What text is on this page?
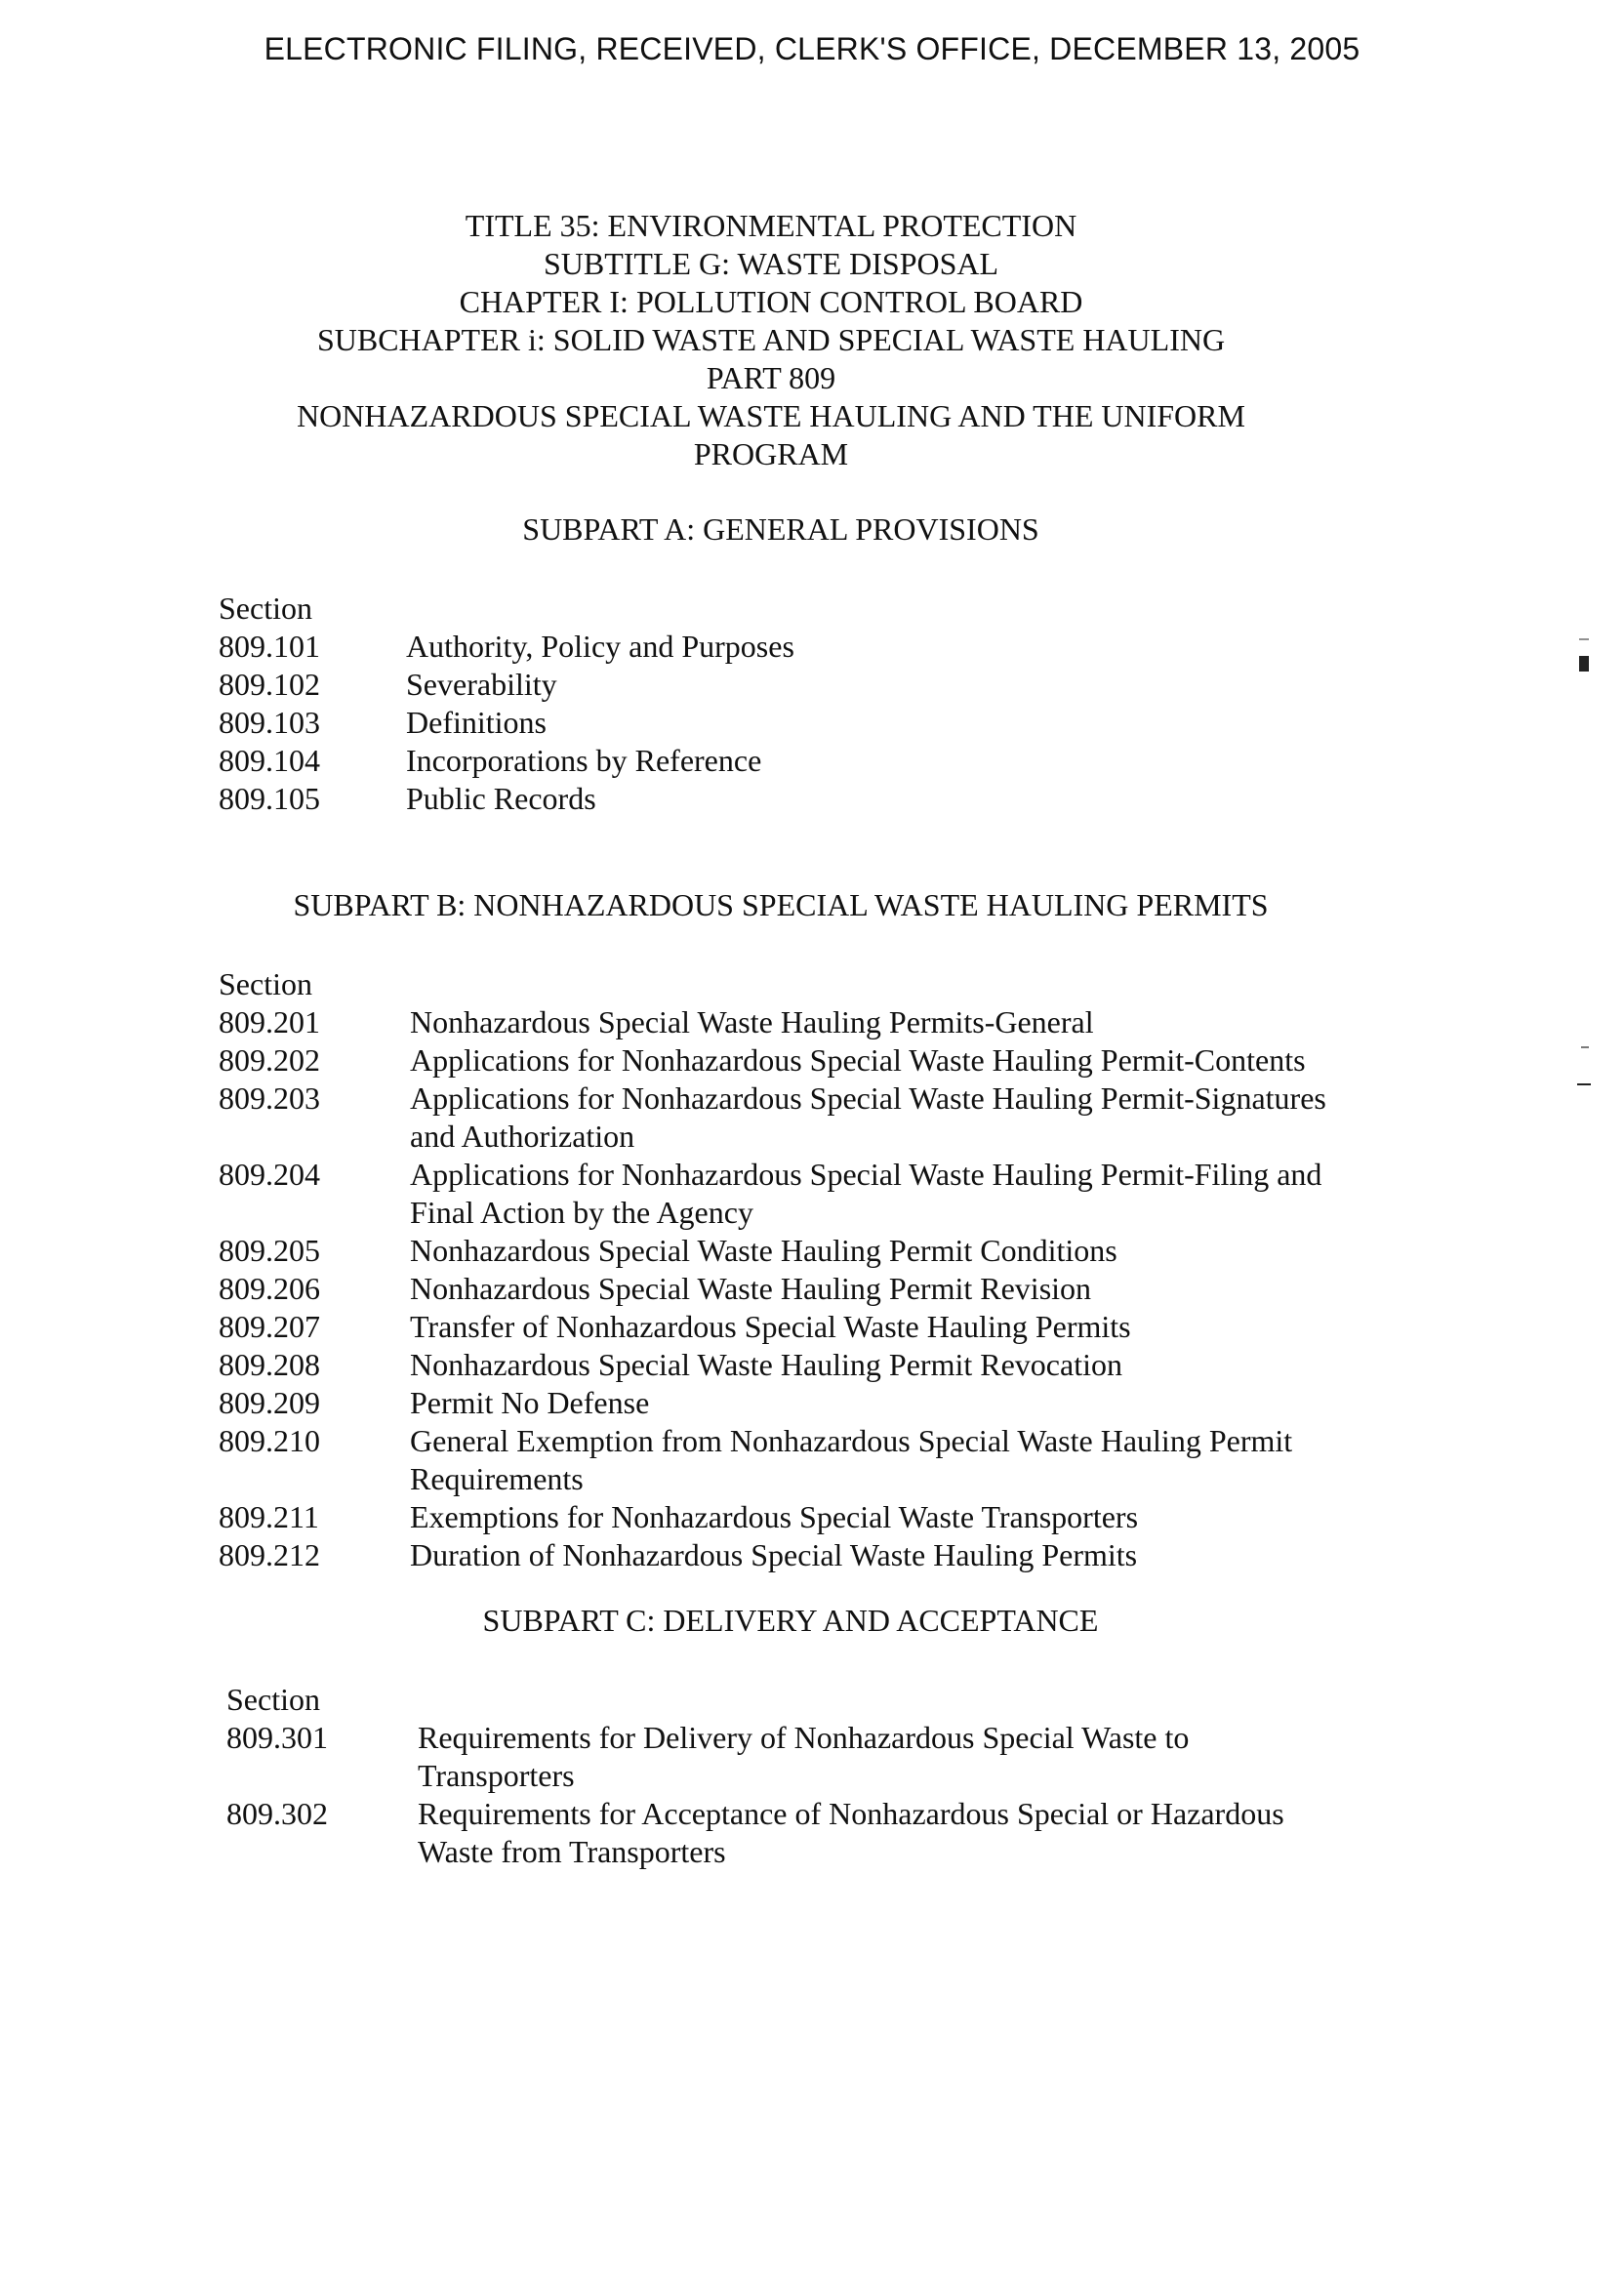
ELECTRONIC FILING, RECEIVED, CLERK'S OFFICE, DECEMBER 13, 2005
TITLE 35: ENVIRONMENTAL PROTECTION
SUBTITLE G: WASTE DISPOSAL
CHAPTER I: POLLUTION CONTROL BOARD
SUBCHAPTER i: SOLID WASTE AND SPECIAL WASTE HAULING
PART 809
NONHAZARDOUS SPECIAL WASTE HAULING AND THE UNIFORM
PROGRAM
SUBPART A: GENERAL PROVISIONS
Section
809.101	Authority, Policy and Purposes
809.102	Severability
809.103	Definitions
809.104	Incorporations by Reference
809.105	Public Records
SUBPART B: NONHAZARDOUS SPECIAL WASTE HAULING PERMITS
Section
809.201	Nonhazardous Special Waste Hauling Permits-General
809.202	Applications for Nonhazardous Special Waste Hauling Permit-Contents
809.203	Applications for Nonhazardous Special Waste Hauling Permit-Signatures and Authorization
809.204	Applications for Nonhazardous Special Waste Hauling Permit-Filing and Final Action by the Agency
809.205	Nonhazardous Special Waste Hauling Permit Conditions
809.206	Nonhazardous Special Waste Hauling Permit Revision
809.207	Transfer of Nonhazardous Special Waste Hauling Permits
809.208	Nonhazardous Special Waste Hauling Permit Revocation
809.209	Permit No Defense
809.210	General Exemption from Nonhazardous Special Waste Hauling Permit Requirements
809.211	Exemptions for Nonhazardous Special Waste Transporters
809.212	Duration of Nonhazardous Special Waste Hauling Permits
SUBPART C: DELIVERY AND ACCEPTANCE
Section
809.301	Requirements for Delivery of Nonhazardous Special Waste to Transporters
809.302	Requirements for Acceptance of Nonhazardous Special or Hazardous Waste from Transporters
